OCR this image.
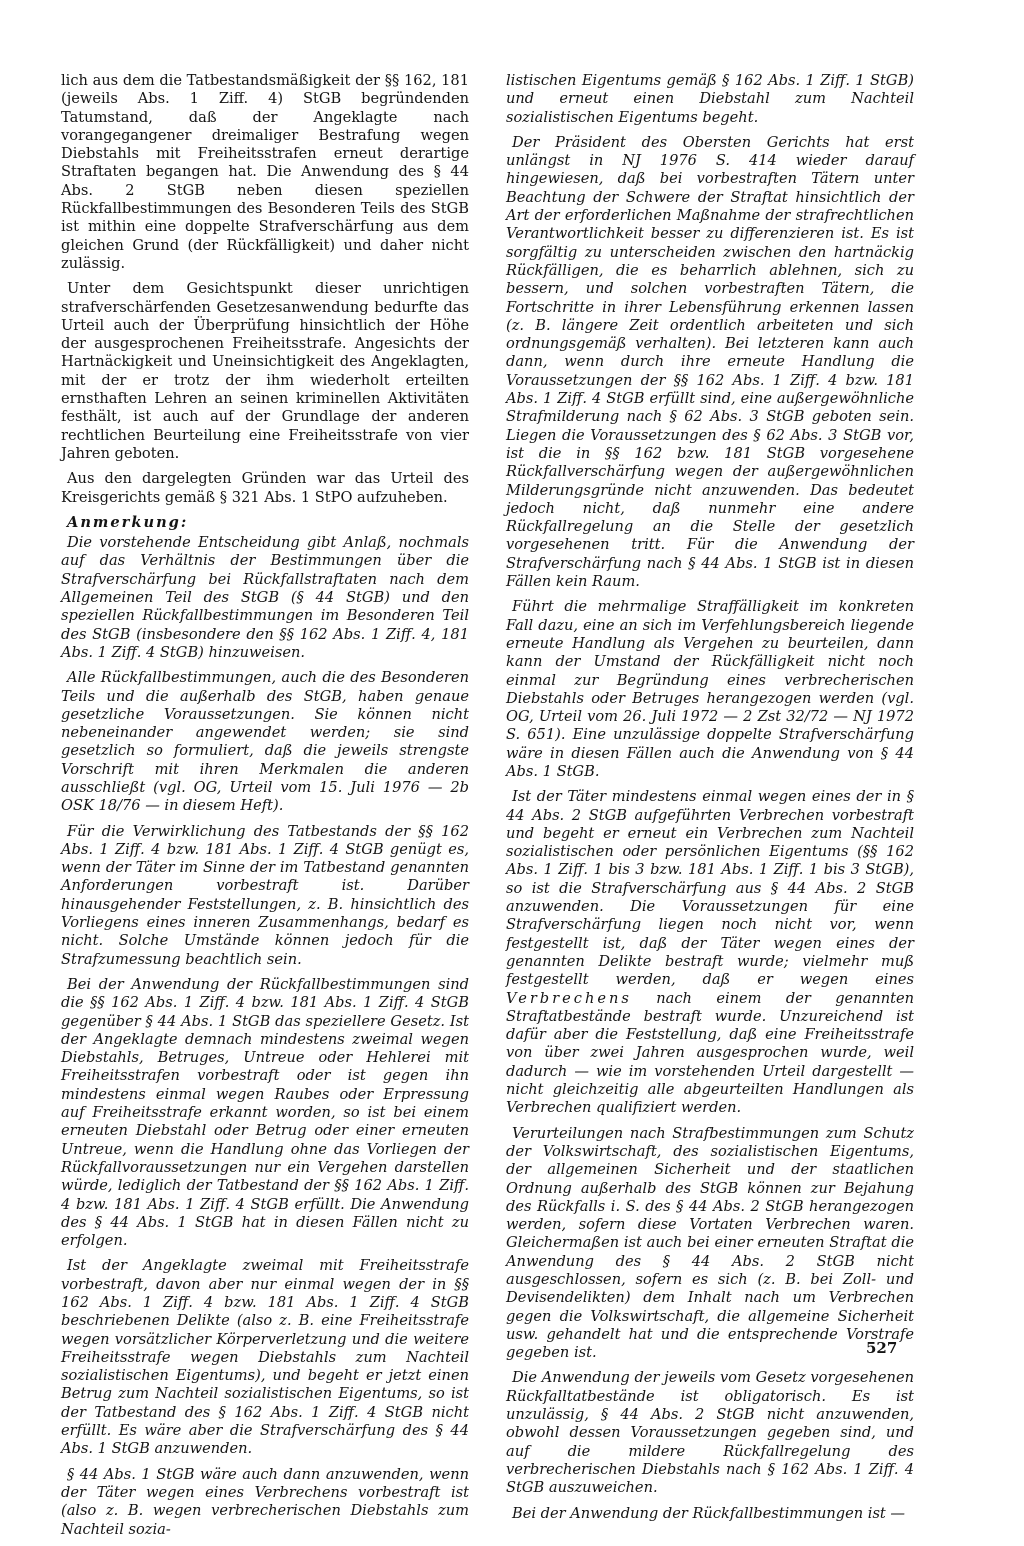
lich aus dem die Tatbestandsmäßigkeit der §§ 162, 181 (jeweils Abs. 1 Ziff. 4) StGB begründenden Tatumstand, daß der Angeklagte nach vorangegangener dreimaliger Bestrafung wegen Diebstahls mit Freiheitsstrafen erneut derartige Straftaten begangen hat. Die Anwendung des § 44 Abs. 2 StGB neben diesen speziellen Rückfallbestimmungen des Besonderen Teils des StGB ist mithin eine doppelte Strafverschärfung aus dem gleichen Grund (der Rückfälligkeit) und daher nicht zulässig.

Unter dem Gesichtspunkt dieser unrichtigen strafverschärfenden Gesetzesanwendung bedurfte das Urteil auch der Überprüfung hinsichtlich der Höhe der ausgesprochenen Freiheitsstrafe. Angesichts der Hartnäckigkeit und Uneinsichtigkeit des Angeklagten, mit der er trotz der ihm wiederholt erteilten ernsthaften Lehren an seinen kriminellen Aktivitäten festhält, ist auch auf der Grundlage der anderen rechtlichen Beurteilung eine Freiheitsstrafe von vier Jahren geboten.

Aus den dargelegten Gründen war das Urteil des Kreisgerichts gemäß § 321 Abs. 1 StPO aufzuheben.

Anmerkung:

Die vorstehende Entscheidung gibt Anlaß, nochmals auf das Verhältnis der Bestimmungen über die Strafverschärfung bei Rückfallstraftaten nach dem Allgemeinen Teil des StGB (§ 44 StGB) und den speziellen Rückfallbestimmungen im Besonderen Teil des StGB (insbesondere den §§ 162 Abs. 1 Ziff. 4, 181 Abs. 1 Ziff. 4 StGB) hinzuweisen.

Alle Rückfallbestimmungen, auch die des Besonderen Teils und die außerhalb des StGB, haben genaue gesetzliche Voraussetzungen. Sie können nicht nebeneinander angewendet werden; sie sind gesetzlich so formuliert, daß die jeweils strengste Vorschrift mit ihren Merkmalen die anderen ausschließt (vgl. OG, Urteil vom 15. Juli 1976 — 2b OSK 18/76 — in diesem Heft).

Für die Verwirklichung des Tatbestands der §§ 162 Abs. 1 Ziff. 4 bzw. 181 Abs. 1 Ziff. 4 StGB genügt es, wenn der Täter im Sinne der im Tatbestand genannten Anforderungen vorbestraft ist. Darüber hinausgehender Feststellungen, z. B. hinsichtlich des Vorliegens eines inneren Zusammenhangs, bedarf es nicht. Solche Umstände können jedoch für die Strafzumessung beachtlich sein.

Bei der Anwendung der Rückfallbestimmungen sind die §§ 162 Abs. 1 Ziff. 4 bzw. 181 Abs. 1 Ziff. 4 StGB gegenüber § 44 Abs. 1 StGB das speziellere Gesetz. Ist der Angeklagte demnach mindestens zweimal wegen Diebstahls, Betruges, Untreue oder Hehlerei mit Freiheitsstrafen vorbestraft oder ist gegen ihn mindestens einmal wegen Raubes oder Erpressung auf Freiheitsstrafe erkannt worden, so ist bei einem erneuten Diebstahl oder Betrug oder einer erneuten Untreue, wenn die Handlung ohne das Vorliegen der Rückfallvoraussetzungen nur ein Vergehen darstellen würde, lediglich der Tatbestand der §§ 162 Abs. 1 Ziff. 4 bzw. 181 Abs. 1 Ziff. 4 StGB erfüllt. Die Anwendung des § 44 Abs. 1 StGB hat in diesen Fällen nicht zu erfolgen.

Ist der Angeklagte zweimal mit Freiheitsstrafe vorbestraft, davon aber nur einmal wegen der in §§ 162 Abs. 1 Ziff. 4 bzw. 181 Abs. 1 Ziff. 4 StGB beschriebenen Delikte (also z. B. eine Freiheitsstrafe wegen vorsätzlicher Körperverletzung und die weitere Freiheitsstrafe wegen Diebstahls zum Nachteil sozialistischen Eigentums), und begeht er jetzt einen Betrug zum Nachteil sozialistischen Eigentums, so ist der Tatbestand des § 162 Abs. 1 Ziff. 4 StGB nicht erfüllt. Es wäre aber die Strafverschärfung des § 44 Abs. 1 StGB anzuwenden.

§ 44 Abs. 1 StGB wäre auch dann anzuwenden, wenn der Täter wegen eines Verbrechens vorbestraft ist (also z. B. wegen verbrecherischen Diebstahls zum Nachteil sozia-

listischen Eigentums gemäß § 162 Abs. 1 Ziff. 1 StGB) und erneut einen Diebstahl zum Nachteil sozialistischen Eigentums begeht.

Der Präsident des Obersten Gerichts hat erst unlängst in NJ 1976 S. 414 wieder darauf hingewiesen, daß bei vorbestraften Tätern unter Beachtung der Schwere der Straftat hinsichtlich der Art der erforderlichen Maßnahme der strafrechtlichen Verantwortlichkeit besser zu differenzieren ist. Es ist sorgfältig zu unterscheiden zwischen den hartnäckig Rückfälligen, die es beharrlich ablehnen, sich zu bessern, und solchen vorbestraften Tätern, die Fortschritte in ihrer Lebensführung erkennen lassen (z. B. längere Zeit ordentlich arbeiteten und sich ordnungsgemäß verhalten). Bei letzteren kann auch dann, wenn durch ihre erneute Handlung die Voraussetzungen der §§ 162 Abs. 1 Ziff. 4 bzw. 181 Abs. 1 Ziff. 4 StGB erfüllt sind, eine außergewöhnliche Strafmilderung nach § 62 Abs. 3 StGB geboten sein. Liegen die Voraussetzungen des § 62 Abs. 3 StGB vor, ist die in §§ 162 bzw. 181 StGB vorgesehene Rückfallverschärfung wegen der außergewöhnlichen Milderungsgründe nicht anzuwenden. Das bedeutet jedoch nicht, daß nunmehr eine andere Rückfallregelung an die Stelle der gesetzlich vorgesehenen tritt. Für die Anwendung der Strafverschärfung nach § 44 Abs. 1 StGB ist in diesen Fällen kein Raum.

Führt die mehrmalige Straffälligkeit im konkreten Fall dazu, eine an sich im Verfehlungsbereich liegende erneute Handlung als Vergehen zu beurteilen, dann kann der Umstand der Rückfälligkeit nicht noch einmal zur Begründung eines verbrecherischen Diebstahls oder Betruges herangezogen werden (vgl. OG, Urteil vom 26. Juli 1972 — 2 Zst 32/72 — NJ 1972 S. 651). Eine unzulässige doppelte Strafverschärfung wäre in diesen Fällen auch die Anwendung von § 44 Abs. 1 StGB.

Ist der Täter mindestens einmal wegen eines der in § 44 Abs. 2 StGB aufgeführten Verbrechen vorbestraft und begeht er erneut ein Verbrechen zum Nachteil sozialistischen oder persönlichen Eigentums (§§ 162 Abs. 1 Ziff. 1 bis 3 bzw. 181 Abs. 1 Ziff. 1 bis 3 StGB), so ist die Strafverschärfung aus § 44 Abs. 2 StGB anzuwenden. Die Voraussetzungen für eine Strafverschärfung liegen noch nicht vor, wenn festgestellt ist, daß der Täter wegen eines der genannten Delikte bestraft wurde; vielmehr muß festgestellt werden, daß er wegen eines Verbrechens nach einem der genannten Straftatbestände bestraft wurde. Unzureichend ist dafür aber die Feststellung, daß eine Freiheitsstrafe von über zwei Jahren ausgesprochen wurde, weil dadurch — wie im vorstehenden Urteil dargestellt — nicht gleichzeitig alle abgeurteilten Handlungen als Verbrechen qualifiziert werden.

Verurteilungen nach Strafbestimmungen zum Schutz der Volkswirtschaft, des sozialistischen Eigentums, der allgemeinen Sicherheit und der staatlichen Ordnung außerhalb des StGB können zur Bejahung des Rückfalls i. S. des § 44 Abs. 2 StGB herangezogen werden, sofern diese Vortaten Verbrechen waren. Gleichermaßen ist auch bei einer erneuten Straftat die Anwendung des § 44 Abs. 2 StGB nicht ausgeschlossen, sofern es sich (z. B. bei Zoll- und Devisendelikten) dem Inhalt nach um Verbrechen gegen die Volkswirtschaft, die allgemeine Sicherheit usw. gehandelt hat und die entsprechende Vorstrafe gegeben ist.

Die Anwendung der jeweils vom Gesetz vorgesehenen Rückfalltatbestände ist obligatorisch. Es ist unzulässig, § 44 Abs. 2 StGB nicht anzuwenden, obwohl dessen Voraussetzungen gegeben sind, und auf die mildere Rückfallregelung des verbrecherischen Diebstahls nach § 162 Abs. 1 Ziff. 4 StGB auszuweichen.

Bei der Anwendung der Rückfallbestimmungen ist —

527
